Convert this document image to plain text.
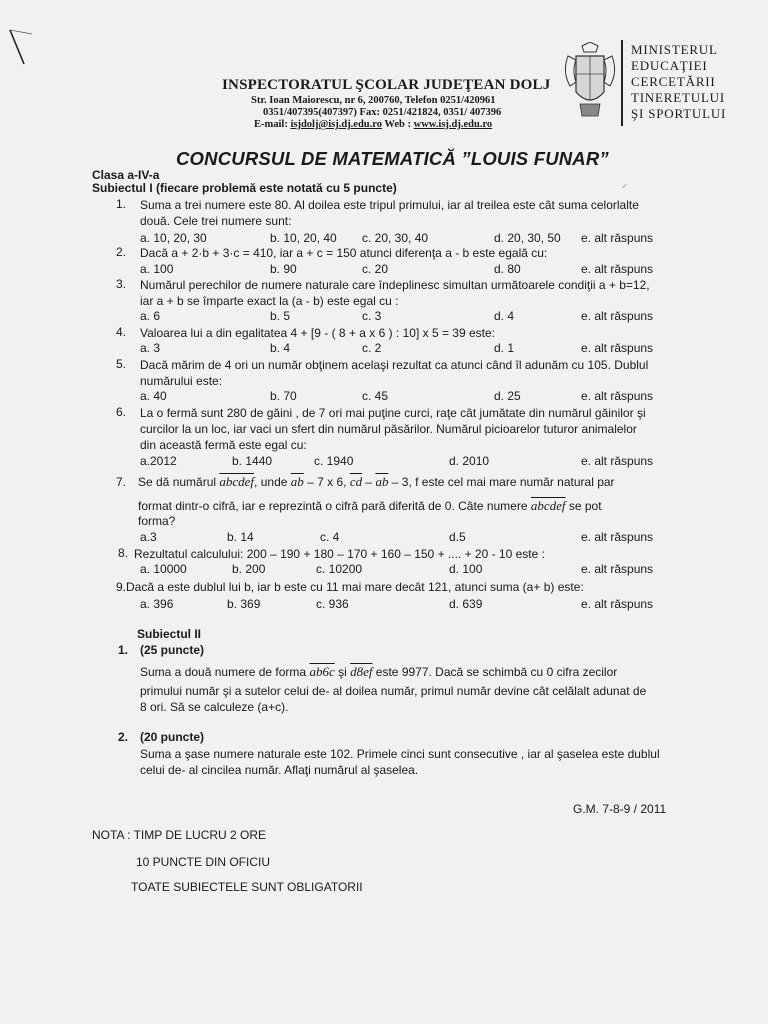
INSPECTORATUL ŞCOLAR JUDEŢEAN DOLJ
Str. Ioan Maiorescu, nr 6, 200760, Telefon 0251/420961
0351/407395(407397) Fax: 0251/421824, 0351/ 407396
E-mail: isjdolj@isj.dj.edu.ro Web : www.isj.dj.edu.ro
MINISTERUL
EDUCAŢIEI
CERCETĂRII
TINERETULUI
ŞI SPORTULUI
CONCURSUL DE MATEMATICĂ ”LOUIS FUNAR”
Clasa a-IV-a
Subiectul I (fiecare problemă este notată cu 5 puncte)	⸝
1. Suma a trei numere este 80. Al doilea este tripul primului, iar al treilea este cât suma celorlalte
două. Cele trei numere sunt:
a. 10, 20, 30	b. 10, 20, 40 c. 20, 30, 40	d. 20, 30, 50 e. alt răspuns
2. Dacă a + 2·b + 3·c = 410, iar a + c = 150 atunci diferenţa a - b este egală cu:
a. 100	b. 90	c. 20	d. 80	e. alt răspuns
3. Numărul perechilor de numere naturale care îndeplinesc simultan următoarele condiţii a + b=12,
iar a + b se împarte exact la (a - b) este egal cu :
a. 6	b. 5	c. 3	d. 4	e. alt răspuns
4. Valoarea lui a din egalitatea 4 + [9 - ( 8 + a x 6 ) : 10] x 5 = 39 este:
a. 3	b. 4	c. 2	d. 1	e. alt răspuns
5. Dacă mărim de 4 ori un număr obţinem acelaşi rezultat ca atunci când îl adunăm cu 105. Dublul
numărului este:
a. 40	b. 70	c. 45	d. 25	e. alt răspuns
6. La o fermă sunt 280 de găini , de 7 ori mai puţine curci, raţe cât jumătate din numărul găinilor şi
curcilor la un loc, iar vaci un sfert din numărul păsărilor. Numărul picioarelor tuturor animalelor
din această fermă este egal cu:
a.2012	b. 1440	c. 1940	d. 2010	e. alt răspuns
7. Se dă numărul abcdef, unde $\overline{ab} - 7$ x 6, $\overline{cd} - \overline{ab} - 3$, f este cel mai mare număr natural par
format dintr-o cifră, iar e reprezintă o cifră pară diferită de 0. Câte numere abcdef se pot
forma?
a.3	b. 14	c. 4	d.5	e. alt răspuns
8. Rezultatul calculului: 200 – 190 + 180 – 170 + 160 – 150 + .... + 20 - 10 este :
a. 10000	b. 200	c. 10200	d. 100	e. alt răspuns
9.Dacă a este dublul lui b, iar b este cu 11 mai mare decât 121, atunci suma (a+ b) este:
a. 396	b. 369	c. 936	d. 639	e. alt răspuns
Subiectul II
1. (25 puncte)
Suma a două numere de forma ab6c şi d8ef este 9977. Dacă se schimbă cu 0 cifra zecilor
primului număr şi a sutelor celui de- al doilea număr, primul număr devine cât celălalt adunat de
8 ori. Să se calculeze (a+c).
2. (20 puncte)
Suma a şase numere naturale este 102. Primele cinci sunt consecutive , iar al şaselea este dublul
celui de- al cincilea număr. Aflaţi numărul al şaselea.
G.M. 7-8-9 / 2011
NOTA : TIMP DE LUCRU 2 ORE
10 PUNCTE DIN OFICIU
TOATE SUBIECTELE SUNT OBLIGATORII
